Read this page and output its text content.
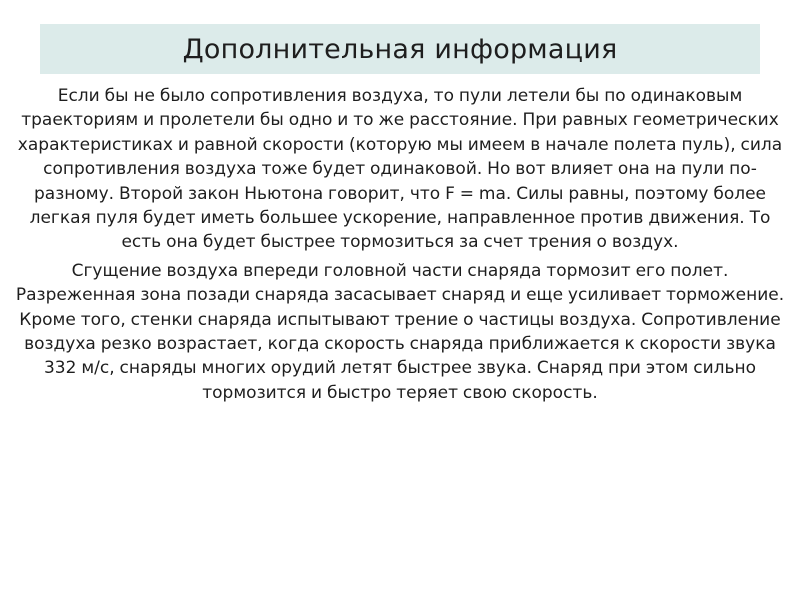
Дополнительная информация

Если бы не было сопротивления воздуха, то пули летели бы по одинаковым траекториям и пролетели бы одно и то же расстояние. При равных геометрических характеристиках и равной скорости (которую мы имеем в начале полета пуль), сила сопротивления воздуха тоже будет одинаковой. Но вот влияет она на пули по-разному. Второй закон Ньютона говорит, что F = ma. Силы равны, поэтому более легкая пуля будет иметь большее ускорение, направленное против движения. То есть она будет быстрее тормозиться за счет трения о воздух.

Сгущение воздуха впереди головной части снаряда тормозит его полет. Разреженная зона позади снаряда засасывает снаряд и еще усиливает торможение. Кроме того, стенки снаряда испытывают трение о частицы воздуха. Сопротивление воздуха резко возрастает, когда скорость снаряда приближается к скорости звука 332 м/с, снаряды многих орудий летят быстрее звука. Снаряд при этом сильно тормозится и быстро теряет свою скорость.
